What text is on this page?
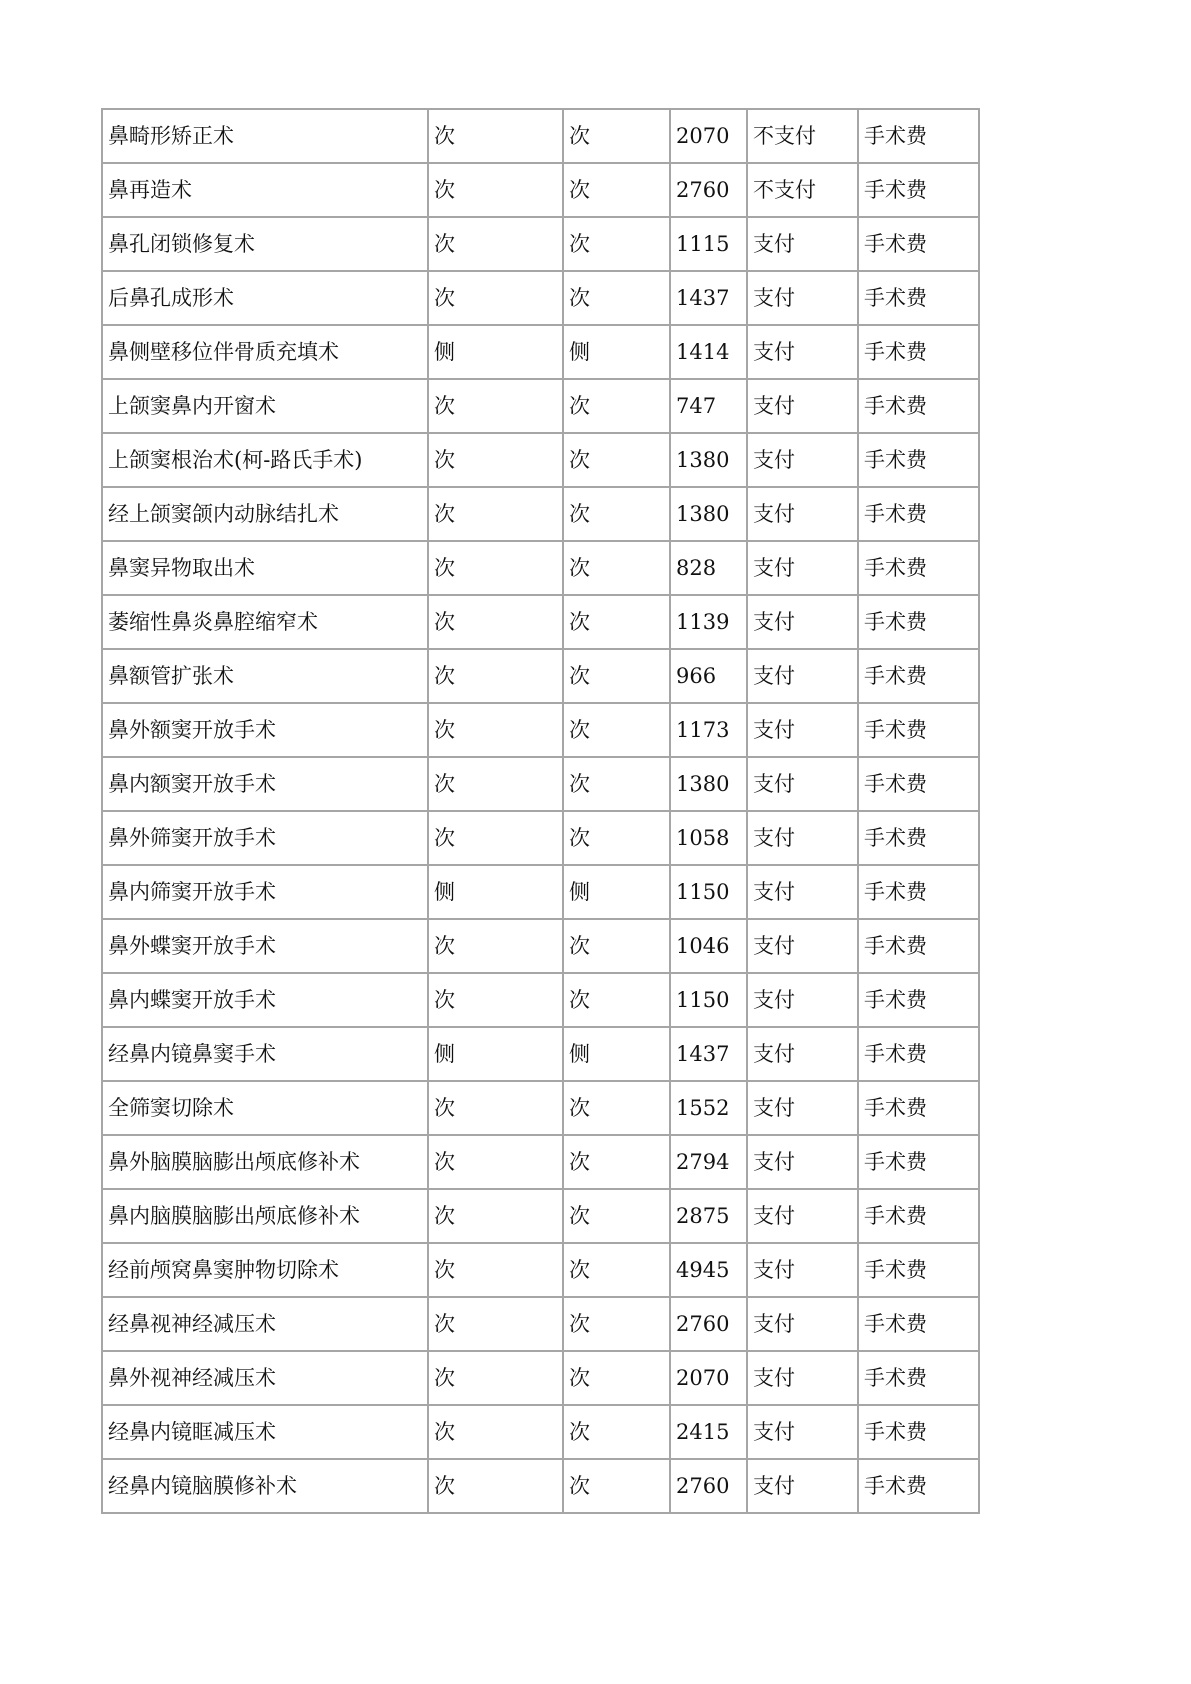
鼻畸形矫正术	次	次	2070	不支付	手术费
鼻再造术	次	次	2760	不支付	手术费
鼻孔闭锁修复术	次	次	1115	支付	手术费
后鼻孔成形术	次	次	1437	支付	手术费
鼻侧壁移位伴骨质充填术	侧	侧	1414	支付	手术费
上颌窦鼻内开窗术	次	次	747	支付	手术费
上颌窦根治术(柯-路氏手术)	次	次	1380	支付	手术费
经上颌窦颌内动脉结扎术	次	次	1380	支付	手术费
鼻窦异物取出术	次	次	828	支付	手术费
萎缩性鼻炎鼻腔缩窄术	次	次	1139	支付	手术费
鼻额管扩张术	次	次	966	支付	手术费
鼻外额窦开放手术	次	次	1173	支付	手术费
鼻内额窦开放手术	次	次	1380	支付	手术费
鼻外筛窦开放手术	次	次	1058	支付	手术费
鼻内筛窦开放手术	侧	侧	1150	支付	手术费
鼻外蝶窦开放手术	次	次	1046	支付	手术费
鼻内蝶窦开放手术	次	次	1150	支付	手术费
经鼻内镜鼻窦手术	侧	侧	1437	支付	手术费
全筛窦切除术	次	次	1552	支付	手术费
鼻外脑膜脑膨出颅底修补术	次	次	2794	支付	手术费
鼻内脑膜脑膨出颅底修补术	次	次	2875	支付	手术费
经前颅窝鼻窦肿物切除术	次	次	4945	支付	手术费
经鼻视神经减压术	次	次	2760	支付	手术费
鼻外视神经减压术	次	次	2070	支付	手术费
经鼻内镜眶减压术	次	次	2415	支付	手术费
经鼻内镜脑膜修补术	次	次	2760	支付	手术费
